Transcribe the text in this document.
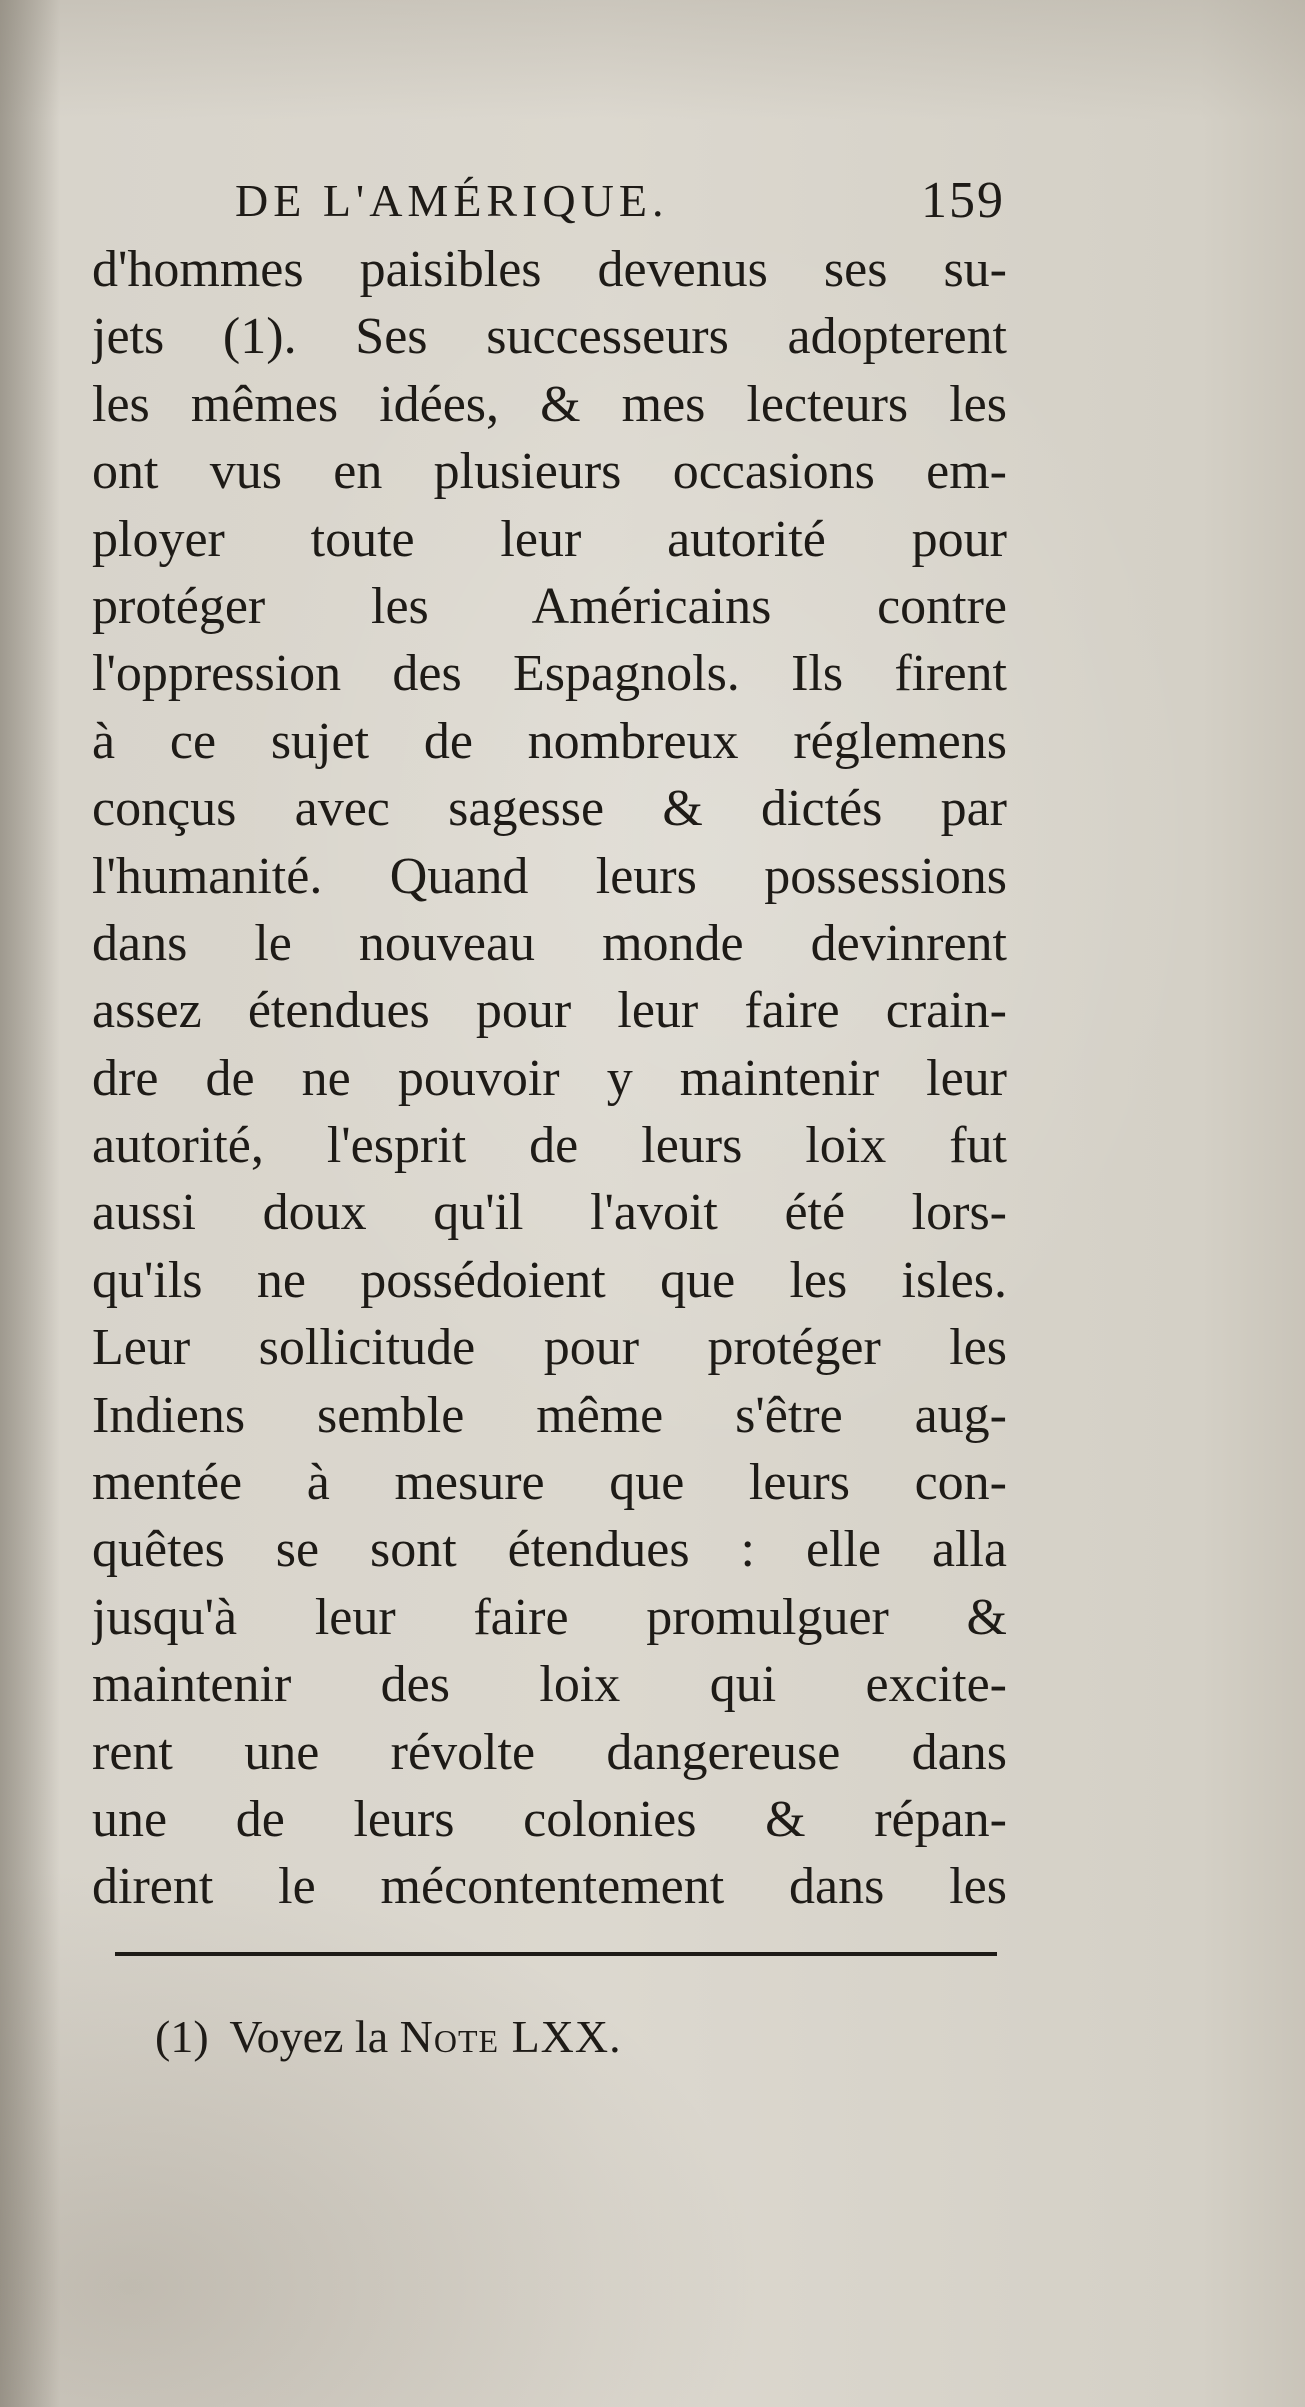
DE L'AMÉRIQUE.	159
d'hommes paisibles devenus ses su-
jets (1). Ses successeurs adopterent
les mêmes idées, & mes lecteurs les
ont vus en plusieurs occasions em-
ployer toute leur autorité pour
protéger les Américains contre
l'oppression des Espagnols. Ils firent
à ce sujet de nombreux réglemens
conçus avec sagesse & dictés par
l'humanité. Quand leurs possessions
dans le nouveau monde devinrent
assez étendues pour leur faire crain-
dre de ne pouvoir y maintenir leur
autorité, l'esprit de leurs loix fut
aussi doux qu'il l'avoit été lors-
qu'ils ne possédoient que les isles.
Leur sollicitude pour protéger les
Indiens semble même s'être aug-
mentée à mesure que leurs con-
quêtes se sont étendues : elle alla
jusqu'à leur faire promulguer &
maintenir des loix qui excite-
rent une révolte dangereuse dans
une de leurs colonies & répan-
dirent le mécontentement dans les
(1) Voyez la Note LXX.
